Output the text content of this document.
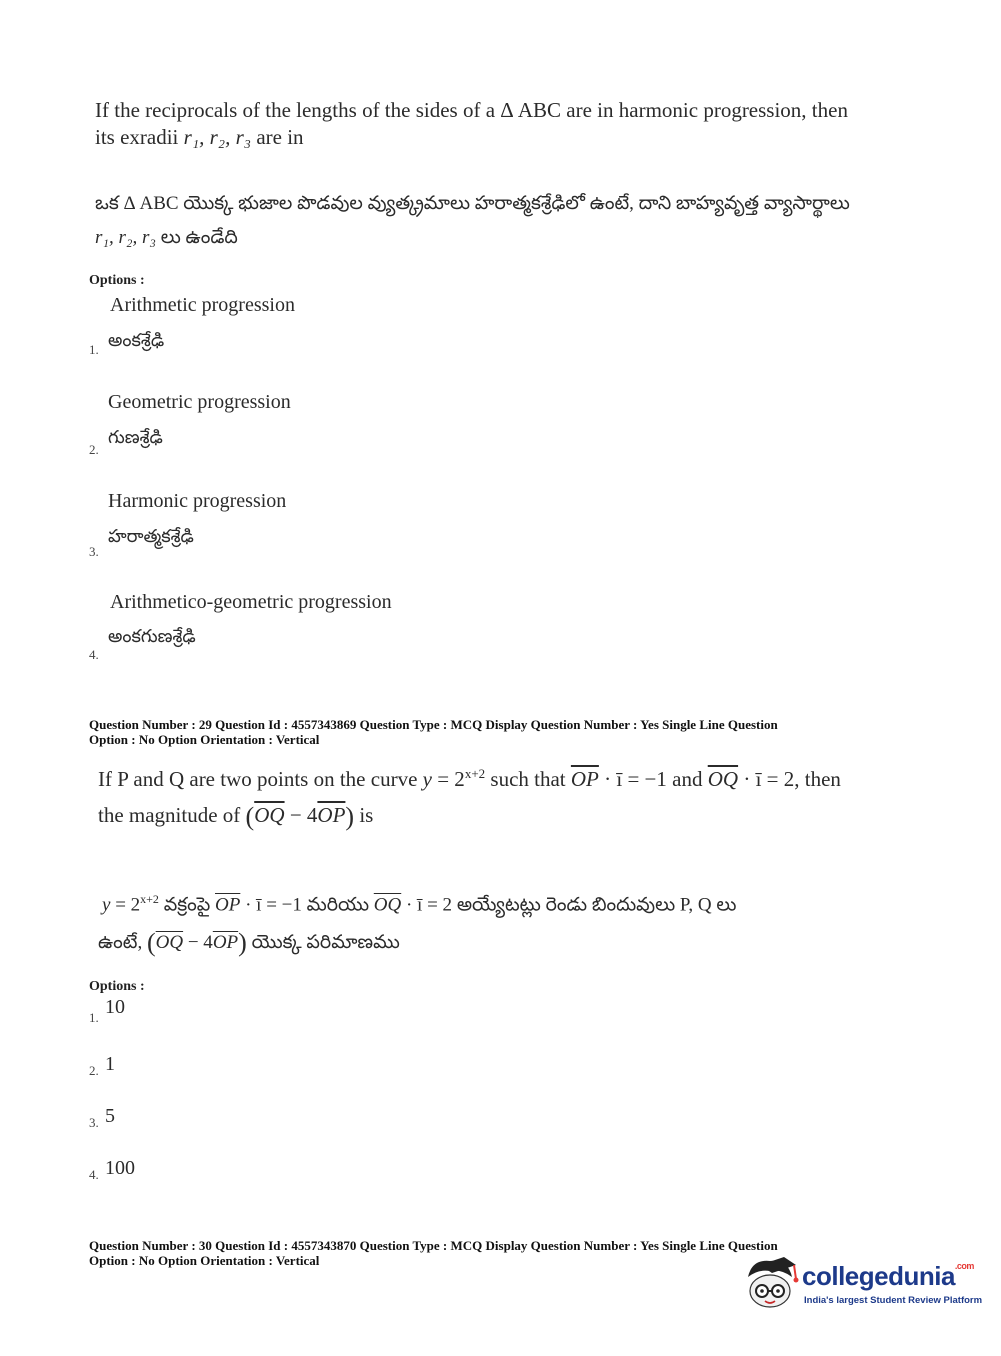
If the reciprocals of the lengths of the sides of a Δ ABC are in harmonic progression, then
its exradii r₁, r₂, r₃ are in
ఒక Δ ABC యొక్క భుజాల పొడవుల వ్యుత్క్రమాలు హరాత్మకశ్రేఢిలో ఉంటే, దాని బాహ్యవృత్త వ్యాసార్థాలు
r₁, r₂, r₃ లు ఉండేది
Options :
Arithmetic progression
1. అంకశ్రేఢి
Geometric progression
2.
గుణశ్రేఢి
Harmonic progression
3.
హరాత్మకశ్రేఢి
Arithmetico-geometric progression
4.
అంకగుణశ్రేఢి
Question Number : 29 Question Id : 4557343869 Question Type : MCQ Display Question Number : Yes Single Line Question
Option : No Option Orientation : Vertical
If P and Q are two points on the curve $y = 2^{x+2}$ such that $\overline{OP}$ · ī = −1 and $\overline{OQ}$ · ī = 2, then
the magnitude of $(\overline{OQ} - 4\overline{OP})$ is
$y = 2^{x+2}$ వక్రంపై $\overline{OP}$ · ī = −1 మరియు $\overline{OQ}$ · ī = 2 అయ్యేటట్లు రెండు బిందువులు P, Q లు
ఉంటే, $(\overline{OQ} - 4\overline{OP})$ యొక్క పరిమాణము
Options :
1. 10
2. 1
3. 5
4. 100
Question Number : 30 Question Id : 4557343870 Question Type : MCQ Display Question Number : Yes Single Line Question
Option : No Option Orientation : Vertical
collegedunia$^{.com}$
India's largest Student Review Platform
